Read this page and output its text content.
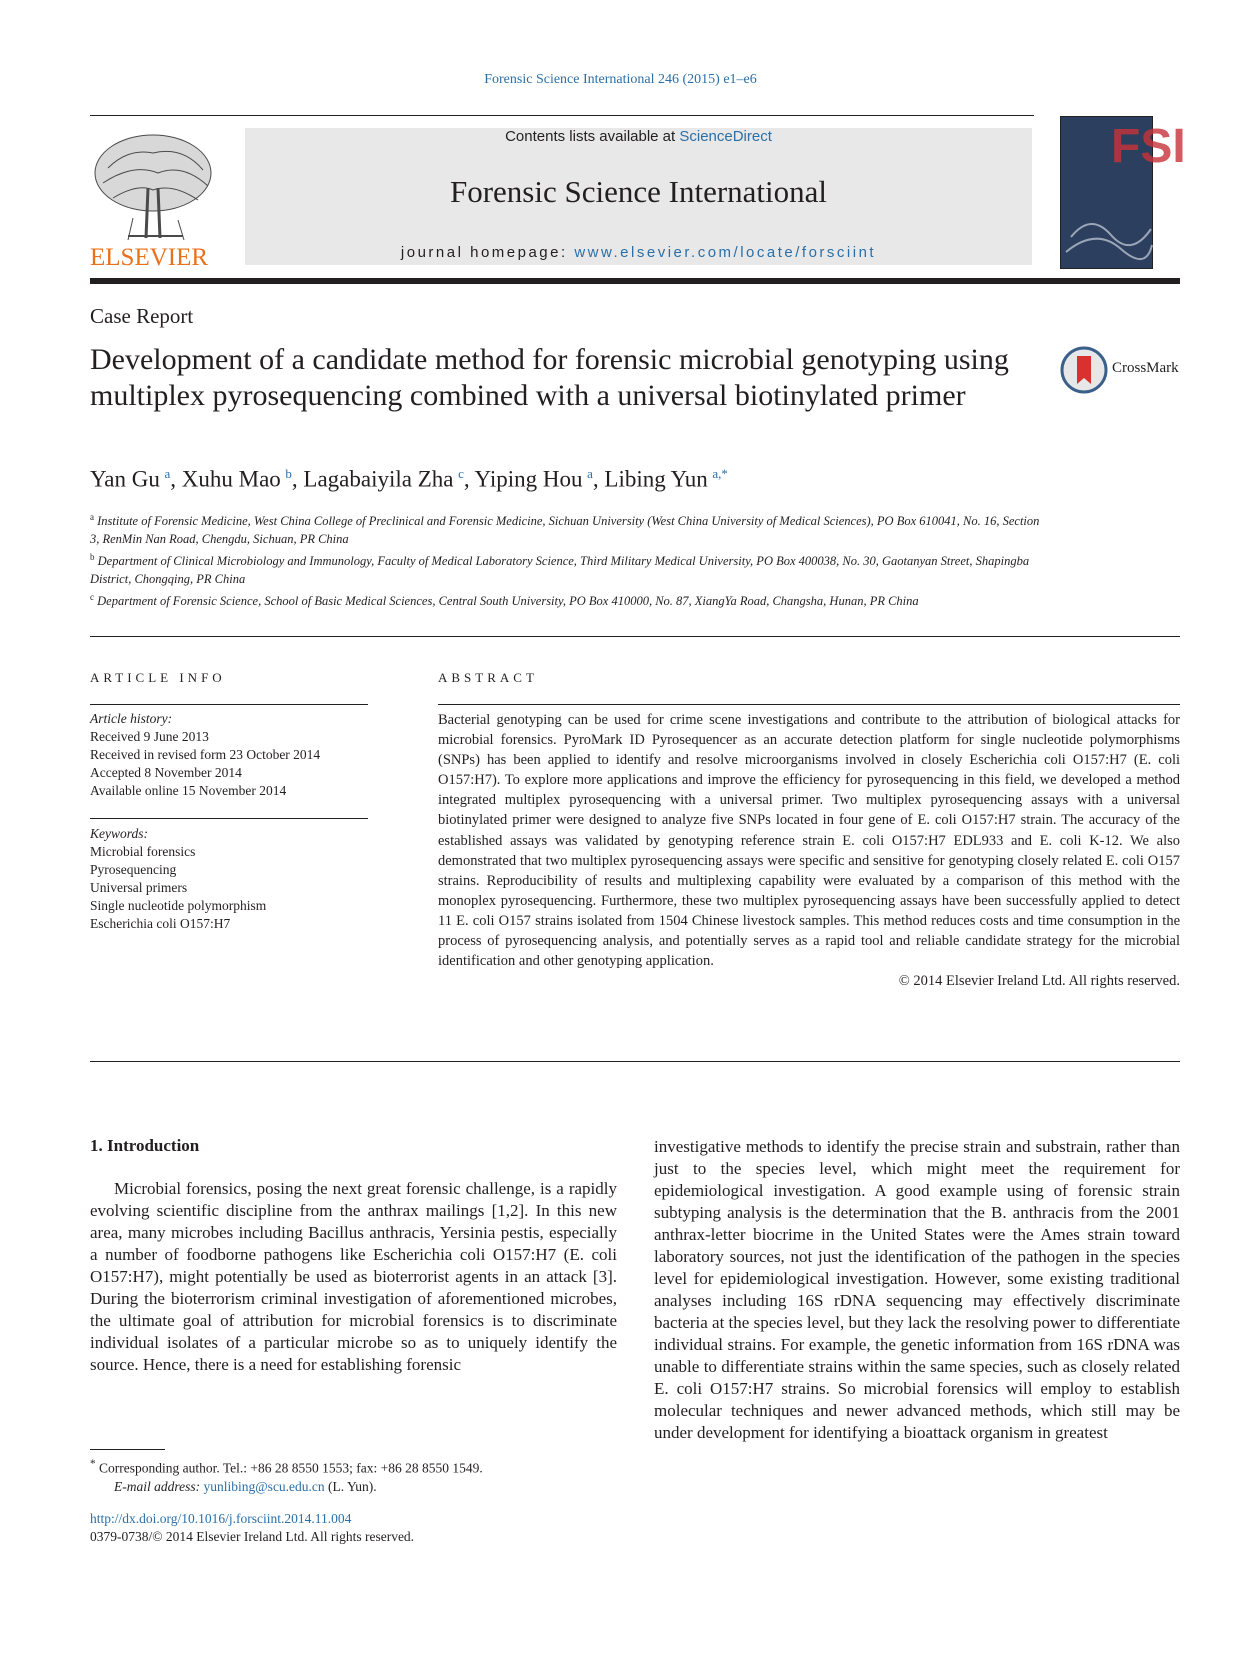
Forensic Science International 246 (2015) e1–e6
ELSEVIER
Contents lists available at ScienceDirect
Forensic Science International
journal homepage: www.elsevier.com/locate/forsciint
FSI
Case Report
Development of a candidate method for forensic microbial genotyping using multiplex pyrosequencing combined with a universal biotinylated primer
CrossMark
Yan Gu  $^a$, Xuhu Mao  $^b$, Lagabaiyila Zha  $^c$, Yiping Hou  $^a$, Libing Yun  $^{a,*}$

$^a$ Institute of Forensic Medicine, West China College of Preclinical and Forensic Medicine, Sichuan University (West China University of Medical Sciences), PO Box 610041, No. 16, Section 3, RenMin Nan Road, Chengdu, Sichuan, PR China

$^b$ Department of Clinical Microbiology and Immunology, Faculty of Medical Laboratory Science, Third Military Medical University, PO Box 400038, No. 30, Gaotanyan Street, Shapingba District, Chongqing, PR China

$^c$ Department of Forensic Science, School of Basic Medical Sciences, Central South University, PO Box 410000, No. 87, XiangYa Road, Changsha, Hunan, PR China

ARTICLE INFO	ABSTRACT
Article history:
Received 9 June 2013
Received in revised form 23 October 2014
Accepted 8 November 2014
Available online 15 November 2014
Keywords:
Microbial forensics
Pyrosequencing
Universal primers
Single nucleotide polymorphism
Escherichia coli O157:H7

Bacterial genotyping can be used for crime scene investigations and contribute to the attribution of biological attacks for microbial forensics. PyroMark ID Pyrosequencer as an accurate detection platform for single nucleotide polymorphisms (SNPs) has been applied to identify and resolve microorganisms involved in closely Escherichia coli O157:H7 (E. coli O157:H7). To explore more applications and improve the efficiency for pyrosequencing in this field, we developed a method integrated multiplex pyrosequencing with a universal primer. Two multiplex pyrosequencing assays with a universal biotinylated primer were designed to analyze five SNPs located in four gene of E. coli O157:H7 strain. The accuracy of the established assays was validated by genotyping reference strain E. coli O157:H7 EDL933 and E. coli K-12. We also demonstrated that two multiplex pyrosequencing assays were specific and sensitive for genotyping closely related E. coli O157 strains. Reproducibility of results and multiplexing capability were evaluated by a comparison of this method with the monoplex pyrosequencing. Furthermore, these two multiplex pyrosequencing assays have been successfully applied to detect 11 E. coli O157 strains isolated from 1504 Chinese livestock samples. This method reduces costs and time consumption in the process of pyrosequencing analysis, and potentially serves as a rapid tool and reliable candidate strategy for the microbial identification and other genotyping application.

© 2014 Elsevier Ireland Ltd. All rights reserved.

1. Introduction

Microbial forensics, posing the next great forensic challenge, is a rapidly evolving scientific discipline from the anthrax mailings [1,2]. In this new area, many microbes including Bacillus anthracis, Yersinia pestis, especially a number of foodborne pathogens like Escherichia coli O157:H7 (E. coli O157:H7), might potentially be used as bioterrorist agents in an attack [3]. During the bioterrorism criminal investigation of aforementioned microbes, the ultimate goal of attribution for microbial forensics is to discriminate individual isolates of a particular microbe so as to uniquely identify the source. Hence, there is a need for establishing forensic

investigative methods to identify the precise strain and substrain, rather than just to the species level, which might meet the requirement for epidemiological investigation. A good example using of forensic strain subtyping analysis is the determination that the B. anthracis from the 2001 anthrax-letter biocrime in the United States were the Ames strain toward laboratory sources, not just the identification of the pathogen in the species level for epidemiological investigation. However, some existing traditional analyses including 16S rDNA sequencing may effectively discriminate bacteria at the species level, but they lack the resolving power to differentiate individual strains. For example, the genetic information from 16S rDNA was unable to differentiate strains within the same species, such as closely related E. coli O157:H7 strains. So microbial forensics will employ to establish molecular techniques and newer advanced methods, which still may be under development for identifying a bioattack organism in greatest

* Corresponding author. Tel.: +86 28 8550 1553; fax: +86 28 8550 1549.
E-mail address: yunlibing@scu.edu.cn (L. Yun).
http://dx.doi.org/10.1016/j.forsciint.2014.11.004
0379-0738/© 2014 Elsevier Ireland Ltd. All rights reserved.
